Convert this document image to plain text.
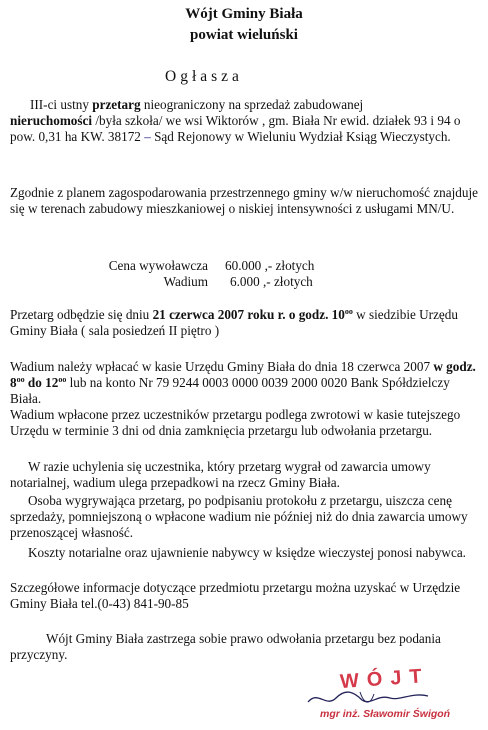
Wójt Gminy Biała
powiat wieluński
Ogłasza
III-ci ustny przetarg nieograniczony na sprzedaż zabudowanej
nieruchomości /była szkoła/ we wsi Wiktorów , gm. Biała Nr ewid. działek 93 i 94 o pow. 0,31 ha KW. 38172 – Sąd Rejonowy w Wieluniu Wydział Ksiąg Wieczystych.
Zgodnie z planem zagospodarowania przestrzennego gminy w/w nieruchomość znajduje się w terenach zabudowy mieszkaniowej o niskiej intensywności z usługami MN/U.
Cena wywoławcza 60.000 ,- złotych
Wadium 6.000 ,- złotych
Przetarg odbędzie się dniu 21 czerwca 2007 roku r. o godz. $10^{oo}$ w siedzibie Urzędu Gminy Biała ( sala posiedzeń II piętro )
Wadium należy wpłacać w kasie Urzędu Gminy Biała do dnia 18 czerwca 2007 w godz. $8^{oo}$ do $12^{oo}$ lub na konto Nr 79 9244 0003 0000 0039 2000 0020 Bank Spółdzielczy Biała.
Wadium wpłacone przez uczestników przetargu podlega zwrotowi w kasie tutejszego Urzędu w terminie 3 dni od dnia zamknięcia przetargu lub odwołania przetargu.
W razie uchylenia się uczestnika, który przetarg wygrał od zawarcia umowy notarialnej, wadium ulega przepadkowi na rzecz Gminy Biała.
Osoba wygrywająca przetarg, po podpisaniu protokołu z przetargu, uiszcza cenę sprzedaży, pomniejszoną o wpłacone wadium nie później niż do dnia zawarcia umowy przenoszącej własność.
Koszty notarialne oraz ujawnienie nabywcy w księdze wieczystej ponosi nabywca.
Szczegółowe informacje dotyczące przedmiotu przetargu można uzyskać w Urzędzie Gminy Biała tel.(0-43) 841-90-85
Wójt Gminy Biała zastrzega sobie prawo odwołania przetargu bez podania przyczyny.
WÓJT
mgr inż. Sławomir Świgoń
